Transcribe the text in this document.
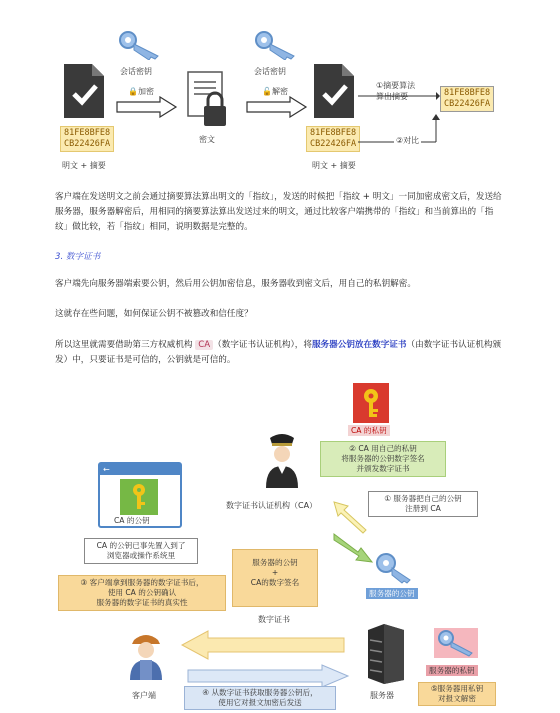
81FE8BFE8
CB22426FA
明文 + 摘要
会话密钥
🔒加密
密文
会话密钥
🔓解密
81FE8BFE8
CB22426FA
明文 + 摘要
①摘要算法
算出摘要
②对比
81FE8BFE8
CB22426FA
客户端在发送明文之前会通过摘要算法算出明文的「指纹」，发送的时候把「指纹 + 明文」一同加密成密文后，发送给服务器，服务器解密后，用相同的摘要算法算出发送过来的明文，通过比较客户端携带的「指纹」和当前算出的「指纹」做比较，若「指纹」相同，说明数据是完整的。
3. 数字证书
客户端先向服务器端索要公钥，然后用公钥加密信息，服务器收到密文后，用自己的私钥解密。
这就存在些问题，如何保证公钥不被篡改和信任度？
所以这里就需要借助第三方权威机构 CA （数字证书认证机构），将服务器公钥放在数字证书（由数字证书认证机构颁发）中，只要证书是可信的，公钥就是可信的。
CA 的私钥
② CA 用自己的私钥
将服务器的公钥数字签名
并颁发数字证书
数字证书认证机构（CA）
① 服务器把自己的公钥
注册到 CA
服务器的公钥
←
CA 的公钥
CA 的公钥已事先置入到了
浏览器或操作系统里
服务器的公钥
+
CA的数字签名
数字证书
③ 客户端拿到服务器的数字证书后，
使用 CA 的公钥确认
服务器的数字证书的真实性
客户端	服务器
服务器的私钥
④ 从数字证书获取服务器公钥后，
使用它对报文加密后发送
⑤服务器用私钥
对报文解密
